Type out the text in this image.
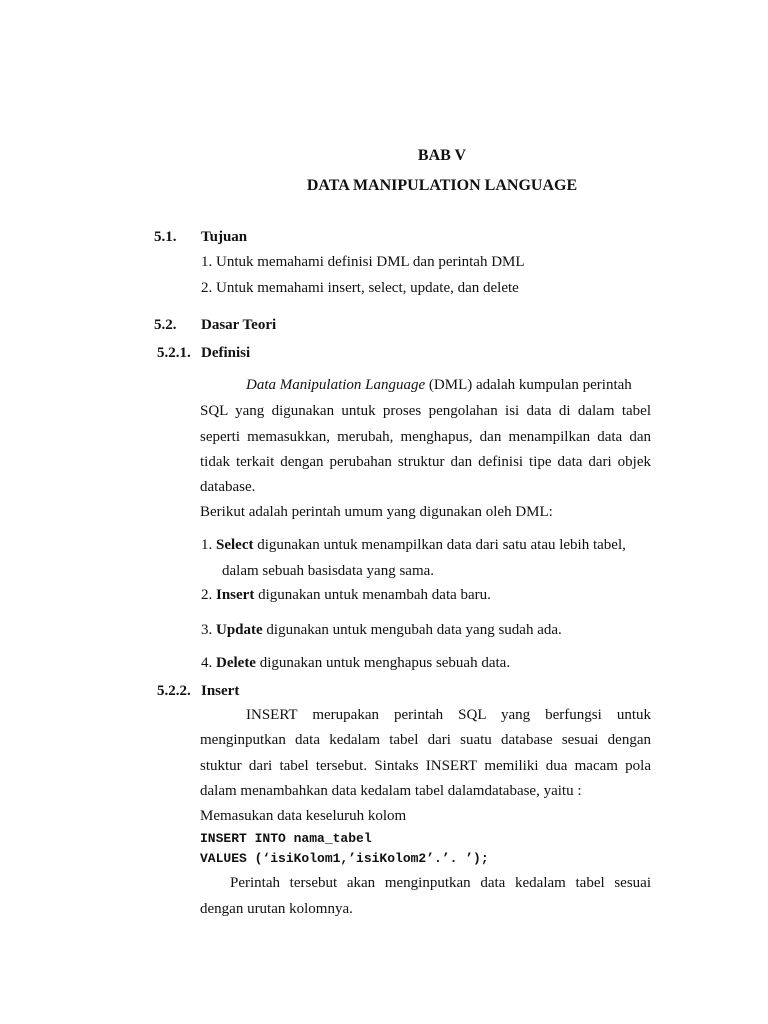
BAB V
DATA MANIPULATION LANGUAGE
5.1. Tujuan
1. Untuk memahami definisi DML dan perintah DML
2. Untuk memahami insert, select, update, dan delete
5.2. Dasar Teori
5.2.1. Definisi
Data Manipulation Language (DML) adalah kumpulan perintah
SQL yang digunakan untuk proses pengolahan isi data di dalam tabel
seperti memasukkan, merubah, menghapus, dan menampilkan data dan
tidak terkait dengan perubahan struktur dan definisi tipe data dari objek
database.
Berikut adalah perintah umum yang digunakan oleh DML:
1. Select digunakan untuk menampilkan data dari satu atau lebih tabel,
dalam sebuah basisdata yang sama.
2. Insert digunakan untuk menambah data baru.
3. Update digunakan untuk mengubah data yang sudah ada.
4. Delete digunakan untuk menghapus sebuah data.
5.2.2. Insert
INSERT merupakan perintah SQL yang berfungsi untuk
menginputkan data kedalam tabel dari suatu database sesuai dengan
stuktur dari tabel tersebut. Sintaks INSERT memiliki dua macam pola
dalam menambahkan data kedalam tabel dalamdatabase, yaitu :
Memasukan data keseluruh kolom
INSERT INTO nama_tabel
VALUES (‘isiKolom1,’isiKolom2’.’. ’);
Perintah tersebut akan menginputkan data kedalam tabel sesuai
dengan urutan kolomnya.
